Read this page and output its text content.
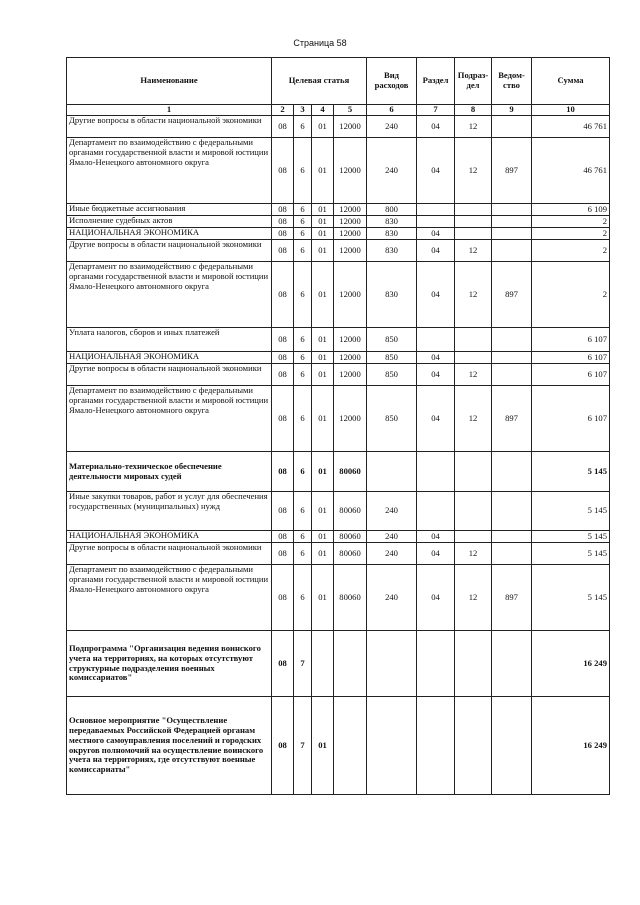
Страница 58
Наименование	Целевая статья				Вид расходов	Раздел	Подраз-дел	Ведом-ство	Сумма
1	2	3	4	5	6	7	8	9	10
Другие вопросы в области национальной экономики	08	6	01	12000	240	04	12		46 761
Департамент по взаимодействию с федеральными органами государственной власти и мировой юстиции Ямало-Ненецкого автономного округа	08	6	01	12000	240	04	12	897	46 761
Иные бюджетные ассигнования	08	6	01	12000	800				6 109
Исполнение судебных актов	08	6	01	12000	830				2
НАЦИОНАЛЬНАЯ ЭКОНОМИКА	08	6	01	12000	830	04			2
Другие вопросы в области национальной экономики	08	6	01	12000	830	04	12		2
Департамент по взаимодействию с федеральными органами государственной власти и мировой юстиции Ямало-Ненецкого автономного округа	08	6	01	12000	830	04	12	897	2
Уплата налогов, сборов и иных платежей	08	6	01	12000	850				6 107
НАЦИОНАЛЬНАЯ ЭКОНОМИКА	08	6	01	12000	850	04			6 107
Другие вопросы в области национальной экономики	08	6	01	12000	850	04	12		6 107
Департамент по взаимодействию с федеральными органами государственной власти и мировой юстиции Ямало-Ненецкого автономного округа	08	6	01	12000	850	04	12	897	6 107
Материально-техническое обеспечение деятельности мировых судей	08	6	01	80060					5 145
Иные закупки товаров, работ и услуг для обеспечения государственных (муниципальных) нужд	08	6	01	80060	240				5 145
НАЦИОНАЛЬНАЯ ЭКОНОМИКА	08	6	01	80060	240	04			5 145
Другие вопросы в области национальной экономики	08	6	01	80060	240	04	12		5 145
Департамент по взаимодействию с федеральными органами государственной власти и мировой юстиции Ямало-Ненецкого автономного округа	08	6	01	80060	240	04	12	897	5 145
Подпрограмма "Организация ведения воинского учета на территориях, на которых отсутствуют структурные подразделения военных комиссариатов"	08	7							16 249
Основное мероприятие "Осуществление передаваемых Российской Федерацией органам местного самоуправления поселений и городских округов полномочий на осуществление воинского учета на территориях, где отсутствуют военные комиссариаты"	08	7	01						16 249
